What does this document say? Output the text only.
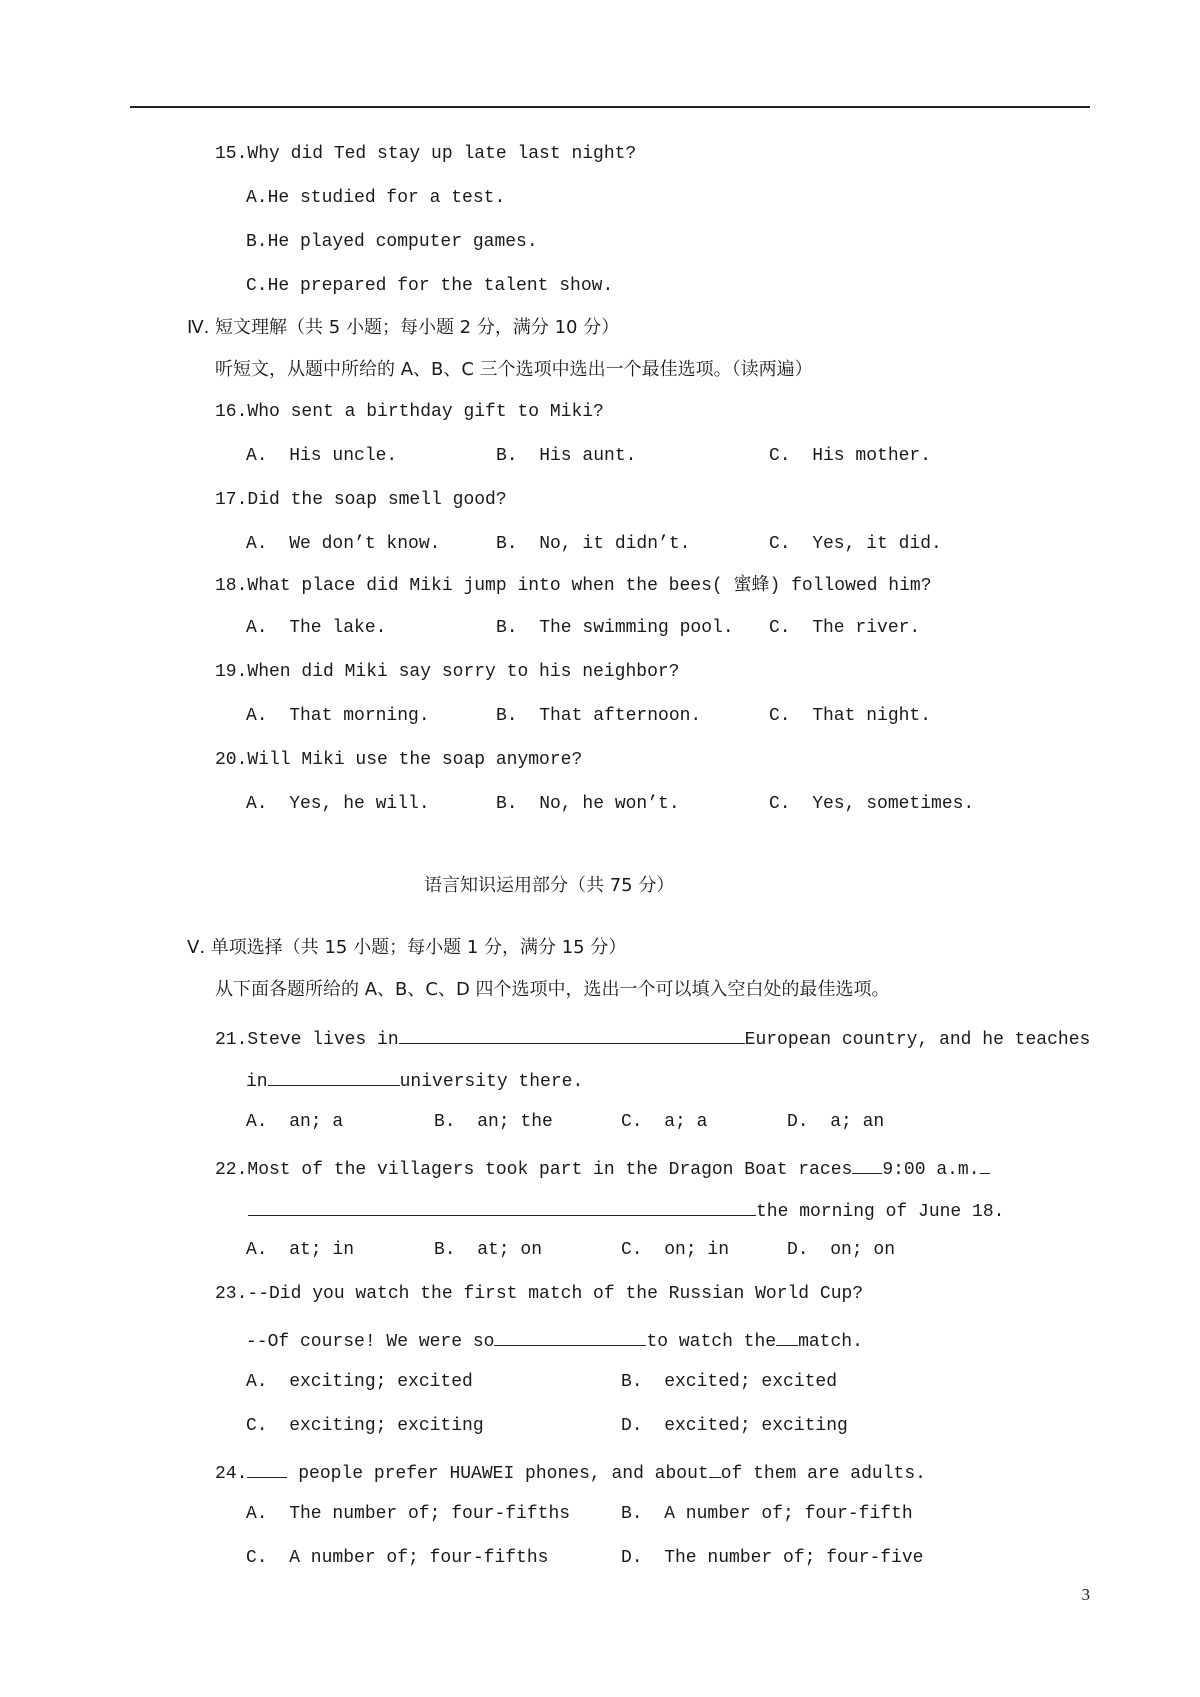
15.Why did Ted stay up late last night?
A.He studied for a test.
B.He played computer games.
C.He prepared for the talent show.
Ⅳ. 短文理解（共 5 小题；每小题 2 分，满分 10 分）
听短文，从题中所给的 A、B、C 三个选项中选出一个最佳选项。（读两遍）
16.Who sent a birthday gift to Miki?
A.  His uncle.	B.  His aunt.	C.  His mother.
17.Did the soap smell good?
A.  We don’t know.	B.  No, it didn’t.	C.  Yes, it did.
18.What place did Miki jump into when the bees( 蜜蜂) followed him?
A.  The lake.	B.  The swimming pool. C.  The river.
19.When did Miki say sorry to his neighbor?
A.  That morning.	B.  That afternoon.	C.  That night.
20.Will Miki use the soap anymore?
A.  Yes, he will.	B.  No, he won’t.	C.  Yes, sometimes.
语言知识运用部分（共 75 分）
Ⅴ. 单项选择（共 15 小题；每小题 1 分，满分 15 分）
从下面各题所给的 A、B、C、D 四个选项中，选出一个可以填入空白处的最佳选项。
21.Steve lives in	European country, and he teaches
in	university there.
A.  an; a	B.  an; the	C.  a; a	D.  a; an
22.Most of the villagers took part in the Dragon Boat races 9:00 a.m.
the morning of June 18.
A.  at; in	B.  at; on	C.  on; in	D.  on; on
23.--Did you watch the first match of the Russian World Cup?
--Of course! We were so	to watch the match.
A.  exciting; excited	B.  excited; excited
C.  exciting; exciting	D.  excited; exciting
24.	people prefer HUAWEI phones, and about of them are adults.
A.  The number of; four-fifths	B.  A number of; four-fifth
C.  A number of; four-fifths	D.  The number of; four-five
3
